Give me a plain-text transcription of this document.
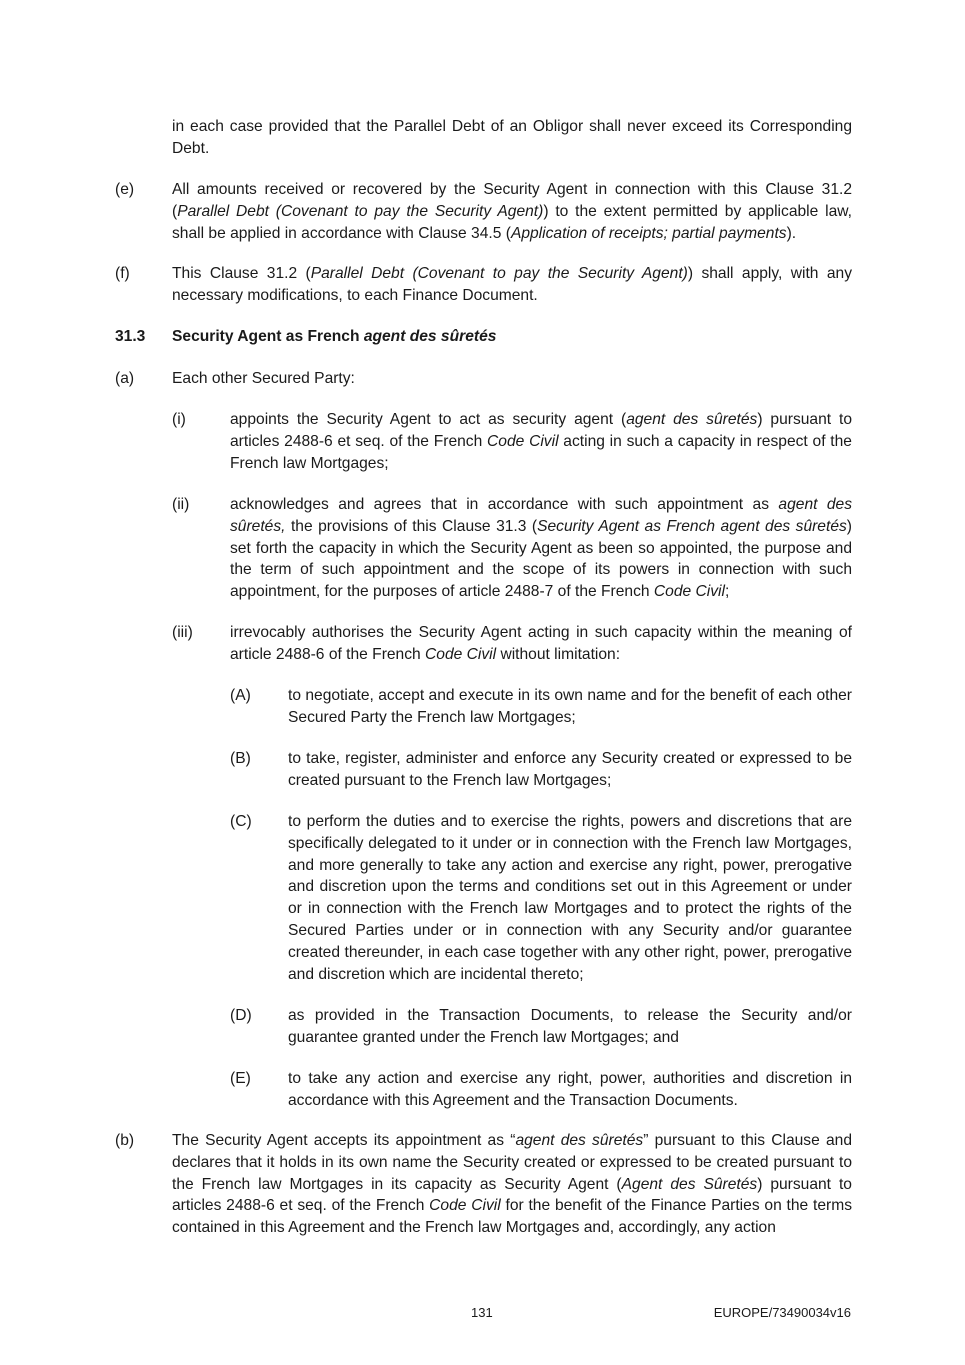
in each case provided that the Parallel Debt of an Obligor shall never exceed its Corresponding Debt.

(e) All amounts received or recovered by the Security Agent in connection with this Clause 31.2 (Parallel Debt (Covenant to pay the Security Agent)) to the extent permitted by applicable law, shall be applied in accordance with Clause 34.5 (Application of receipts; partial payments).

(f)	This Clause 31.2 (Parallel Debt (Covenant to pay the Security Agent)) shall apply, with any necessary modifications, to each Finance Document.

31.3 Security Agent as French agent des sûretés

(a) Each other Secured Party:

(i)	appoints the Security Agent to act as security agent (agent des sûretés) pursuant to articles 2488-6 et seq. of the French Code Civil acting in such a capacity in respect of the French law Mortgages;

(ii)	acknowledges and agrees that in accordance with such appointment as agent des sûretés, the provisions of this Clause 31.3 (Security Agent as French agent des sûretés) set forth the capacity in which the Security Agent as been so appointed, the purpose and the term of such appointment and the scope of its powers in connection with such appointment, for the purposes of article 2488-7 of the French Code Civil;

(iii) irrevocably authorises the Security Agent acting in such capacity within the meaning of article 2488-6 of the French Code Civil without limitation:

(A) to negotiate, accept and execute in its own name and for the benefit of each other Secured Party the French law Mortgages;

(B) to take, register, administer and enforce any Security created or expressed to be created pursuant to the French law Mortgages;

(C) to perform the duties and to exercise the rights, powers and discretions that are specifically delegated to it under or in connection with the French law Mortgages, and more generally to take any action and exercise any right, power, prerogative and discretion upon the terms and conditions set out in this Agreement or under or in connection with the French law Mortgages and to protect the rights of the Secured Parties under or in connection with any Security and/or guarantee created thereunder, in each case together with any other right, power, prerogative and discretion which are incidental thereto;

(D) as provided in the Transaction Documents, to release the Security and/or guarantee granted under the French law Mortgages; and

(E) to take any action and exercise any right, power, authorities and discretion in accordance with this Agreement and the Transaction Documents.

(b) The Security Agent accepts its appointment as “agent des sûretés” pursuant to this Clause and declares that it holds in its own name the Security created or expressed to be created pursuant to the French law Mortgages in its capacity as Security Agent (Agent des Sûretés) pursuant to articles 2488-6 et seq. of the French Code Civil for the benefit of the Finance Parties on the terms contained in this Agreement and the French law Mortgages and, accordingly, any action

131	EUROPE/73490034v16
